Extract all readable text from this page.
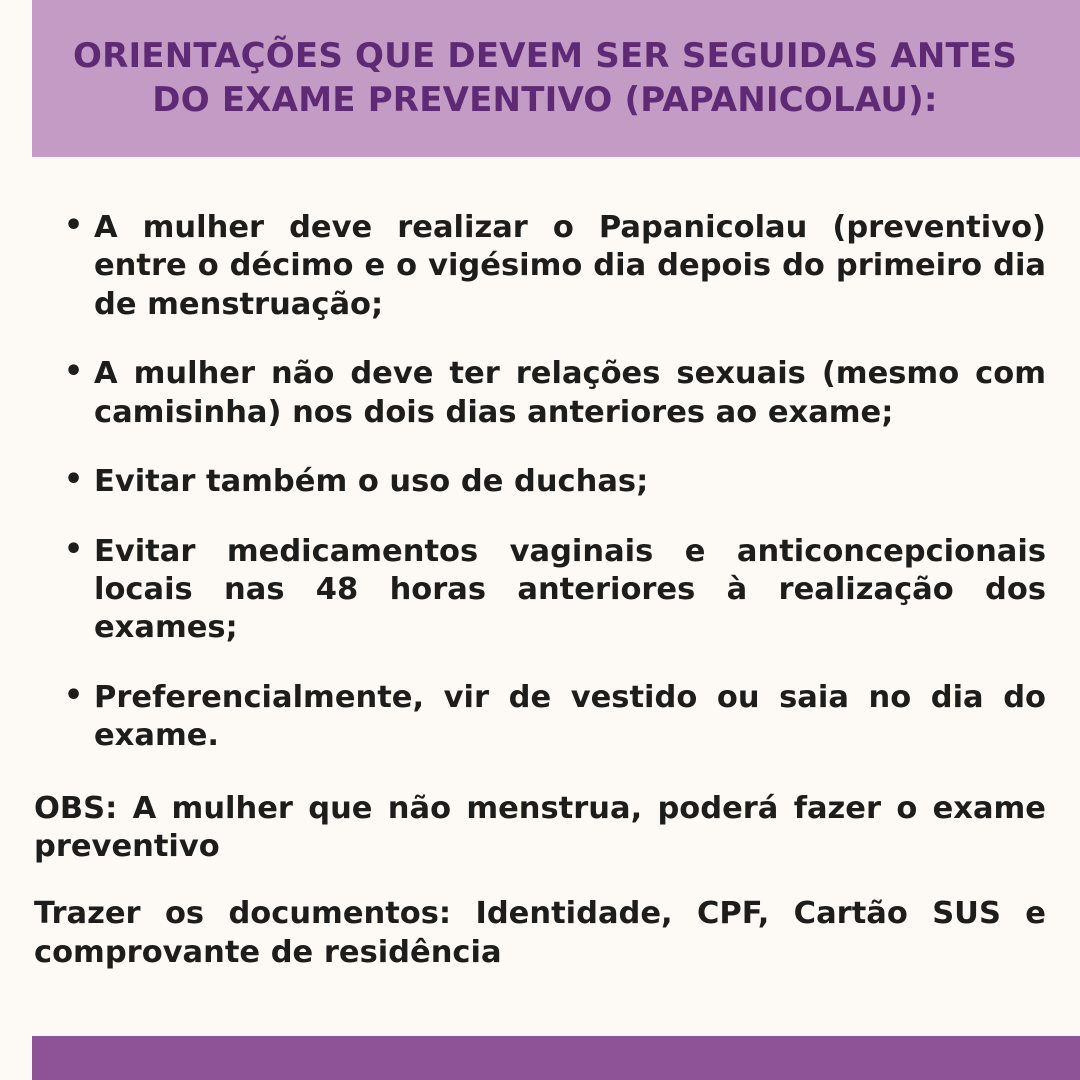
ORIENTAÇÕES QUE DEVEM SER SEGUIDAS ANTES
DO EXAME PREVENTIVO (PAPANICOLAU):
• A mulher deve realizar o Papanicolau (preventivo) entre o décimo e o vigésimo dia depois do primeiro dia de menstruação;
• A mulher não deve ter relações sexuais (mesmo com camisinha) nos dois dias anteriores ao exame;
• Evitar também o uso de duchas;
• Evitar medicamentos vaginais e anticoncepcionais locais nas 48 horas anteriores à realização dos exames;
• Preferencialmente, vir de vestido ou saia no dia do exame.

OBS: A mulher que não menstrua, poderá fazer o exame preventivo

Trazer os documentos: Identidade, CPF, Cartão SUS e comprovante de residência
